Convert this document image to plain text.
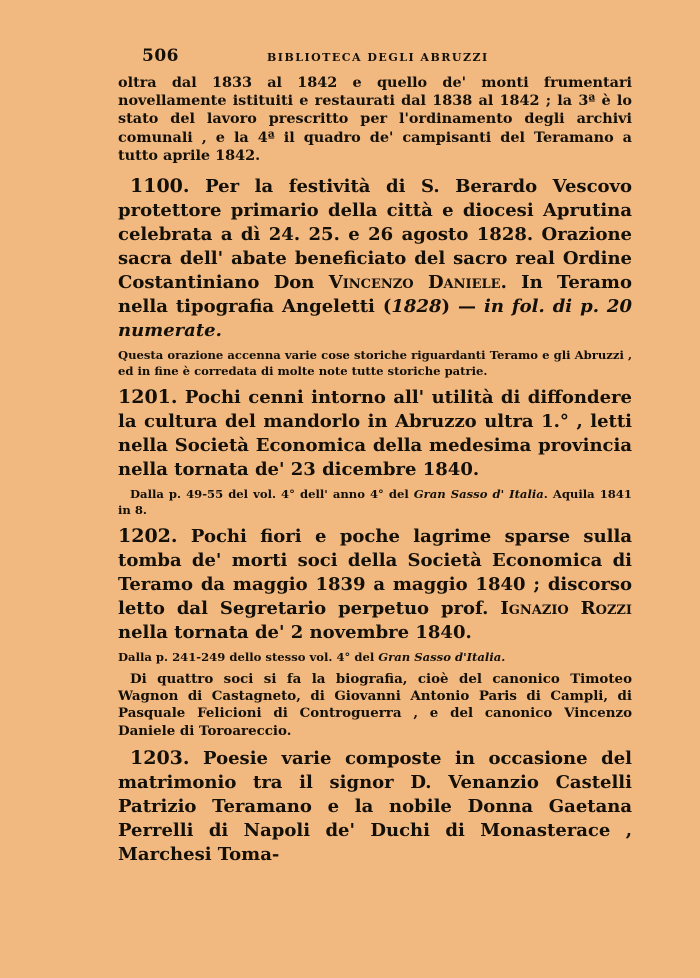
506	BIBLIOTECA DEGLI ABRUZZI

oltra dal 1833 al 1842 e quello de' monti frumentari novellamente istituiti e restaurati dal 1838 al 1842 ; la 3ª è lo stato del lavoro prescritto per l'ordinamento degli archivi comunali , e la 4ª il quadro de' campisanti del Teramano a tutto aprile 1842.

1100. Per la festività di S. Berardo Vescovo protettore primario della città e diocesi Aprutina celebrata a dì 24. 25. e 26 agosto 1828. Orazione sacra dell' abate beneficiato del sacro real Ordine Costantiniano Don Vincenzo Daniele. In Teramo nella tipografia Angeletti (1828) — in fol. di p. 20 numerate.

Questa orazione accenna varie cose storiche riguardanti Teramo e gli Abruzzi , ed in fine è corredata di molte note tutte storiche patrie.

1201. Pochi cenni intorno all' utilità di diffondere la cultura del mandorlo in Abruzzo ultra 1.° , letti nella Società Economica della medesima provincia nella tornata de' 23 dicembre 1840.

Dalla p. 49-55 del vol. 4° dell' anno 4° del Gran Sasso d' Italia. Aquila 1841 in 8.

1202. Pochi fiori e poche lagrime sparse sulla tomba de' morti soci della Società Economica di Teramo da maggio 1839 a maggio 1840 ; discorso letto dal Segretario perpetuo prof. Ignazio Rozzi nella tornata de' 2 novembre 1840.

Dalla p. 241-249 dello stesso vol. 4° del Gran Sasso d'Italia.

Di quattro soci si fa la biografia, cioè del canonico Timoteo Wagnon di Castagneto, di Giovanni Antonio Paris di Campli, di Pasquale Felicioni di Controguerra , e del canonico Vincenzo Daniele di Toroareccio.

1203. Poesie varie composte in occasione del matrimonio tra il signor D. Venanzio Castelli Patrizio Teramano e la nobile Donna Gaetana Perrelli di Napoli de' Duchi di Monasterace , Marchesi Toma-
